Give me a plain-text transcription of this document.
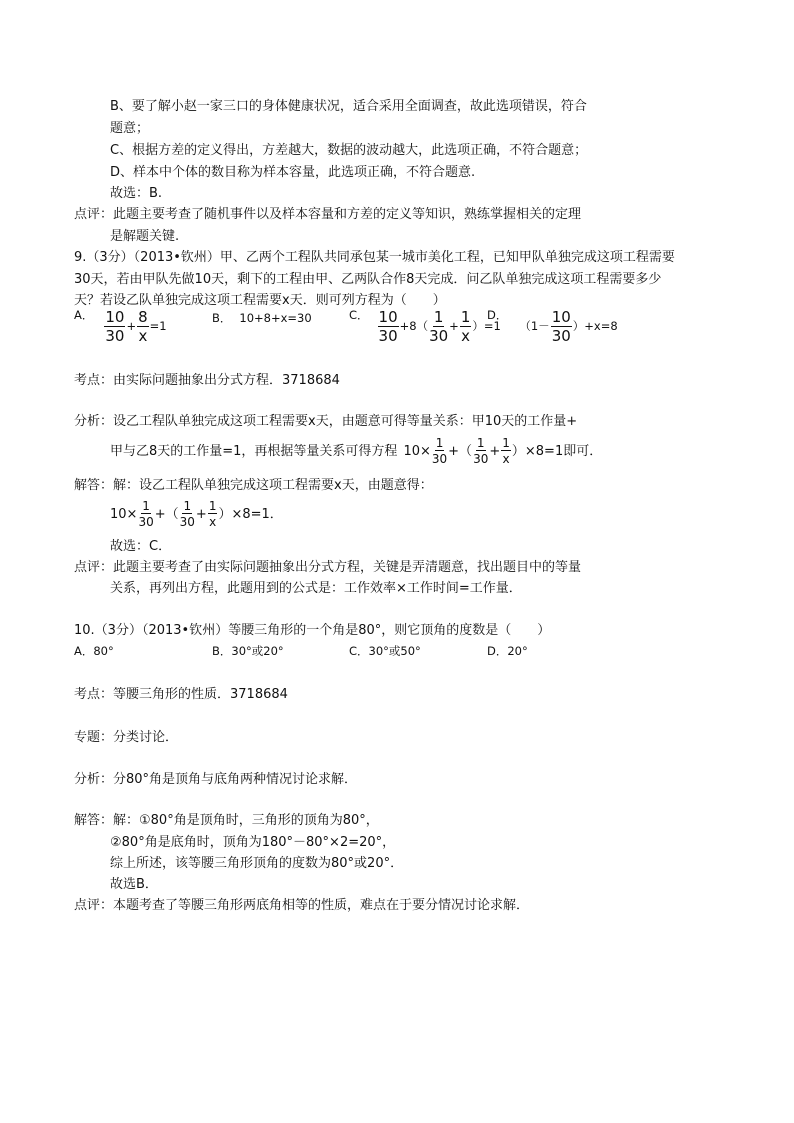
B、要了解小赵一家三口的身体健康状况，适合采用全面调查，故此选项错误，符合
题意；
C、根据方差的定义得出，方差越大，数据的波动越大，此选项正确，不符合题意；
D、样本中个体的数目称为样本容量，此选项正确，不符合题意.
故选：B.
点评：此题主要考查了随机事件以及样本容量和方差的定义等知识，熟练掌握相关的定理
是解题关键.
9.（3分）（2013•钦州）甲、乙两个工程队共同承包某一城市美化工程，已知甲队单独完成这项工程需要
30天，若由甲队先做10天，剩下的工程由甲、乙两队合作8天完成．问乙队单独完成这项工程需要多少
天？若设乙队单独完成这项工程需要x天．则可列方程为（　　）
A． $\frac{10}{30} + \frac{8}{x} =1$
B． 10+8+x=30	C． $\frac{10}{30} +8( \frac{1}{30} + \frac{1}{x} )=1$
D．
$(1- \frac{10}{30} )+x=8$
考点：由实际问题抽象出分式方程．3718684
分析：设乙工程队单独完成这项工程需要x天，由题意可得等量关系：甲10天的工作量+
甲与乙8天的工作量=1，再根据等量关系可得方程 $10\times \frac{1}{30}$ +（ $\frac{1}{30} + \frac{1}{x} )\times 8=1$即可．
解答：解：设乙工程队单独完成这项工程需要x天，由题意得：
$10\times \frac{1}{30}$ +（ $\frac{1}{30} + \frac{1}{x} )\times 8=1$．
故选：C．
点评：此题主要考查了由实际问题抽象出分式方程，关键是弄清题意，找出题目中的等量
关系，再列出方程，此题用到的公式是：工作效率×工作时间=工作量．
10.（3分）（2013•钦州）等腰三角形的一个角是80°，则它顶角的度数是（　　）
A．80°	B．30°或20°	C．30°或50°	D．20°
考点：等腰三角形的性质．3718684
专题：分类讨论．
分析：分80°角是顶角与底角两种情况讨论求解．
解答：解：①80°角是顶角时，三角形的顶角为80°，
②80°角是底角时，顶角为180°－80°×2=20°，
综上所述，该等腰三角形顶角的度数为80°或20°．
故选B．
点评：本题考查了等腰三角形两底角相等的性质，难点在于要分情况讨论求解．
